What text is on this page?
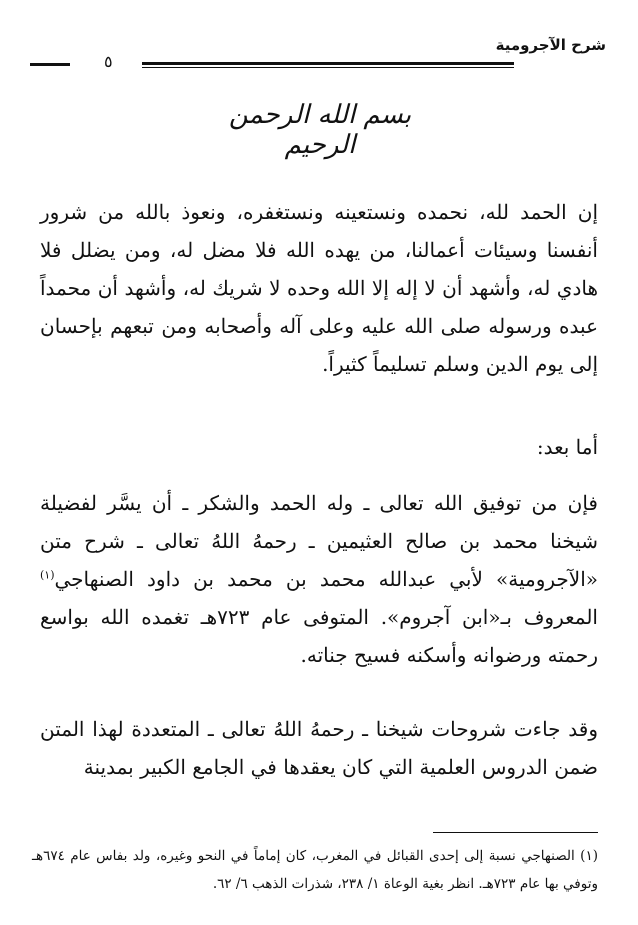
شرح الآجرومية
٥
بسم الله الرحمن الرحيم

إن الحمد لله، نحمده ونستعينه ونستغفره، ونعوذ بالله من شرور أنفسنا وسيئات أعمالنا، من يهده الله فلا مضل له، ومن يضلل فلا هادي له، وأشهد أن لا إله إلا الله وحده لا شريك له، وأشهد أن محمداً عبده ورسوله صلى الله عليه وعلى آله وأصحابه ومن تبعهم بإحسان إلى يوم الدين وسلم تسليماً كثيراً.

أما بعد:

فإن من توفيق الله تعالى ـ وله الحمد والشكر ـ أن يسَّر لفضيلة شيخنا محمد بن صالح العثيمين ـ رحمهُ اللهُ تعالى ـ شرح متن «الآجرومية» لأبي عبدالله محمد بن محمد بن داود الصنهاجي$^{(١)}$ المعروف بـ«ابن آجروم». المتوفى عام ٧٢٣هـ تغمده الله بواسع رحمته ورضوانه وأسكنه فسيح جناته.

وقد جاءت شروحات شيخنا ـ رحمهُ اللهُ تعالى ـ المتعددة لهذا المتن ضمن الدروس العلمية التي كان يعقدها في الجامع الكبير بمدينة

(١) الصنهاجي نسبة إلى إحدى القبائل في المغرب، كان إماماً في النحو وغيره، ولد بفاس عام ٦٧٤هـ وتوفي بها عام ٧٢٣هـ. انظر بغية الوعاة ١/ ٢٣٨، شذرات الذهب ٦/ ٦٢.
